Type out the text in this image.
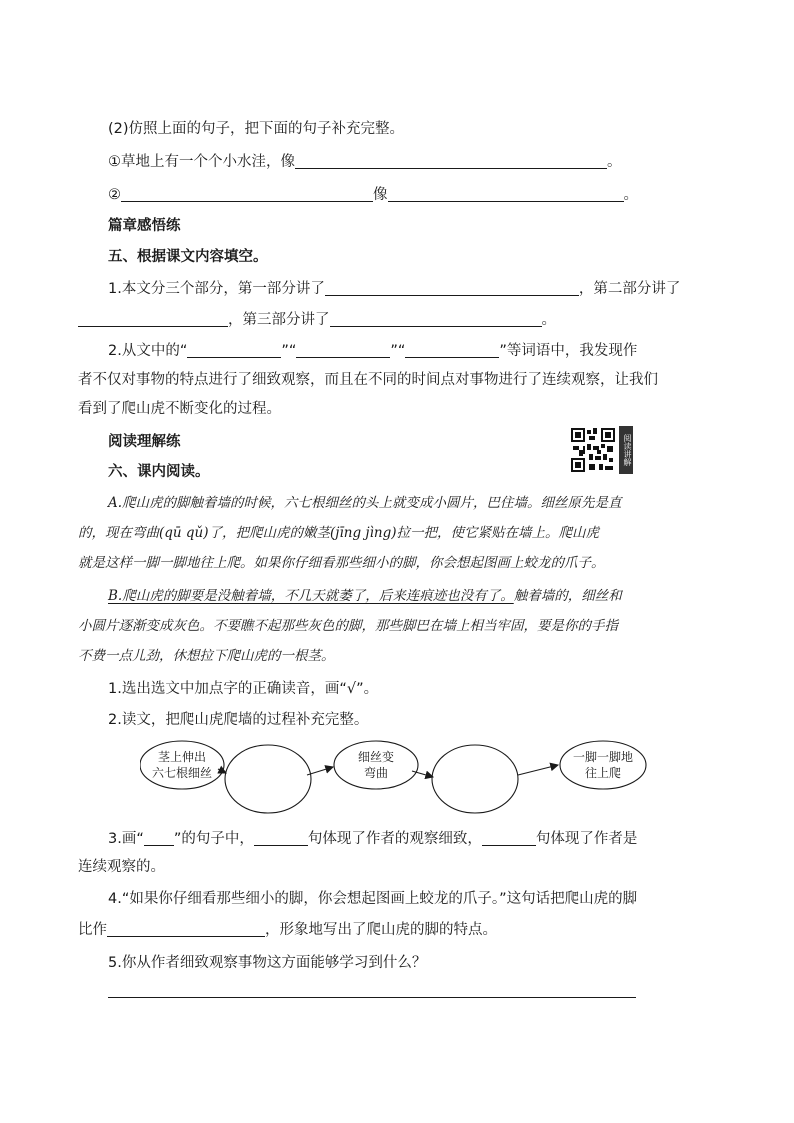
(2)仿照上面的句子，把下面的句子补充完整。
①草地上有一个个小水洼，像	。
②	像	。
篇章感悟练
五、根据课文内容填空。
1.本文分三个部分，第一部分讲了	，第二部分讲了
，第三部分讲了	。
2.从文中的“	”“	”“	”等词语中，我发现作
者不仅对事物的特点进行了细致观察，而且在不同的时间点对事物进行了连续观察，让我们
看到了爬山虎不断变化的过程。
阅读理解练	阅读讲解
六、课内阅读。
A.爬山虎的脚触着墙的时候，六七根细丝的头上就变成小圆片，巴住墙。细丝原先是直
的，现在弯曲(qū qǔ)了，把爬山虎的嫩茎(jīng jìng)拉一把，使它紧贴在墙上。爬山虎
就是这样一脚一脚地往上爬。如果你仔细看那些细小的脚，你会想起图画上蛟龙的爪子。
B.爬山虎的脚要是没触着墙，不几天就萎了，后来连痕迹也没有了。触着墙的，细丝和
小圆片逐渐变成灰色。不要瞧不起那些灰色的脚，那些脚巴在墙上相当牢固，要是你的手指
不费一点儿劲，休想拉下爬山虎的一根茎。
1.选出选文中加点字的正确读音，画“√”。
2.读文，把爬山虎爬墙的过程补充完整。
茎上伸出
六七根细丝
细丝变
弯曲
一脚一脚地
往上爬
3.画“ ”的句子中，	句体现了作者的观察细致，	句体现了作者是
连续观察的。
4.“如果你仔细看那些细小的脚，你会想起图画上蛟龙的爪子。”这句话把爬山虎的脚
比作	，形象地写出了爬山虎的脚的特点。
5.你从作者细致观察事物这方面能够学习到什么？
